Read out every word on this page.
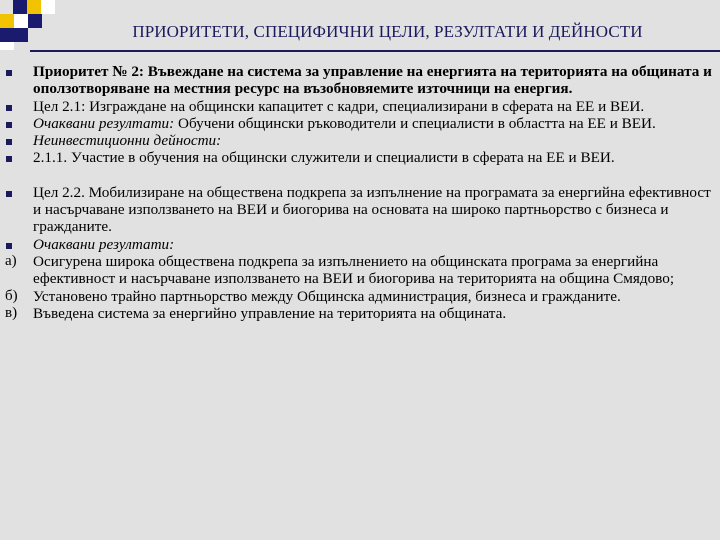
ПРИОРИТЕТИ, СПЕЦИФИЧНИ ЦЕЛИ, РЕЗУЛТАТИ И ДЕЙНОСТИ
Приоритет № 2: Въвеждане на система за управление на енергията на територията на общината и оползотворяване на местния ресурс на възобновяемите източници на енергия.
Цел 2.1: Изграждане на общински капацитет с кадри, специализирани в сферата на ЕЕ и ВЕИ.
Очаквани резултати: Обучени общински ръководители и специалисти в областта на ЕЕ и ВЕИ.
Неинвестиционни дейности:
2.1.1. Участие в обучения на общински служители и специалисти в сферата на ЕЕ и ВЕИ.
Цел 2.2. Мобилизиране на обществена подкрепа за изпълнение на програмата за енергийна ефективност и насърчаване използването на ВЕИ и биогорива на основата на широко партньорство с бизнеса и гражданите.
Очаквани резултати:
а)	Осигурена широка обществена подкрепа за изпълнението на общинската програма за енергийна ефективност и насърчаване използването на ВЕИ и биогорива на територията на община Смядово;
б)	Установено трайно партньорство между Общинска администрация, бизнеса и гражданите.
в)	Въведена система за енергийно управление на територията на общината.
